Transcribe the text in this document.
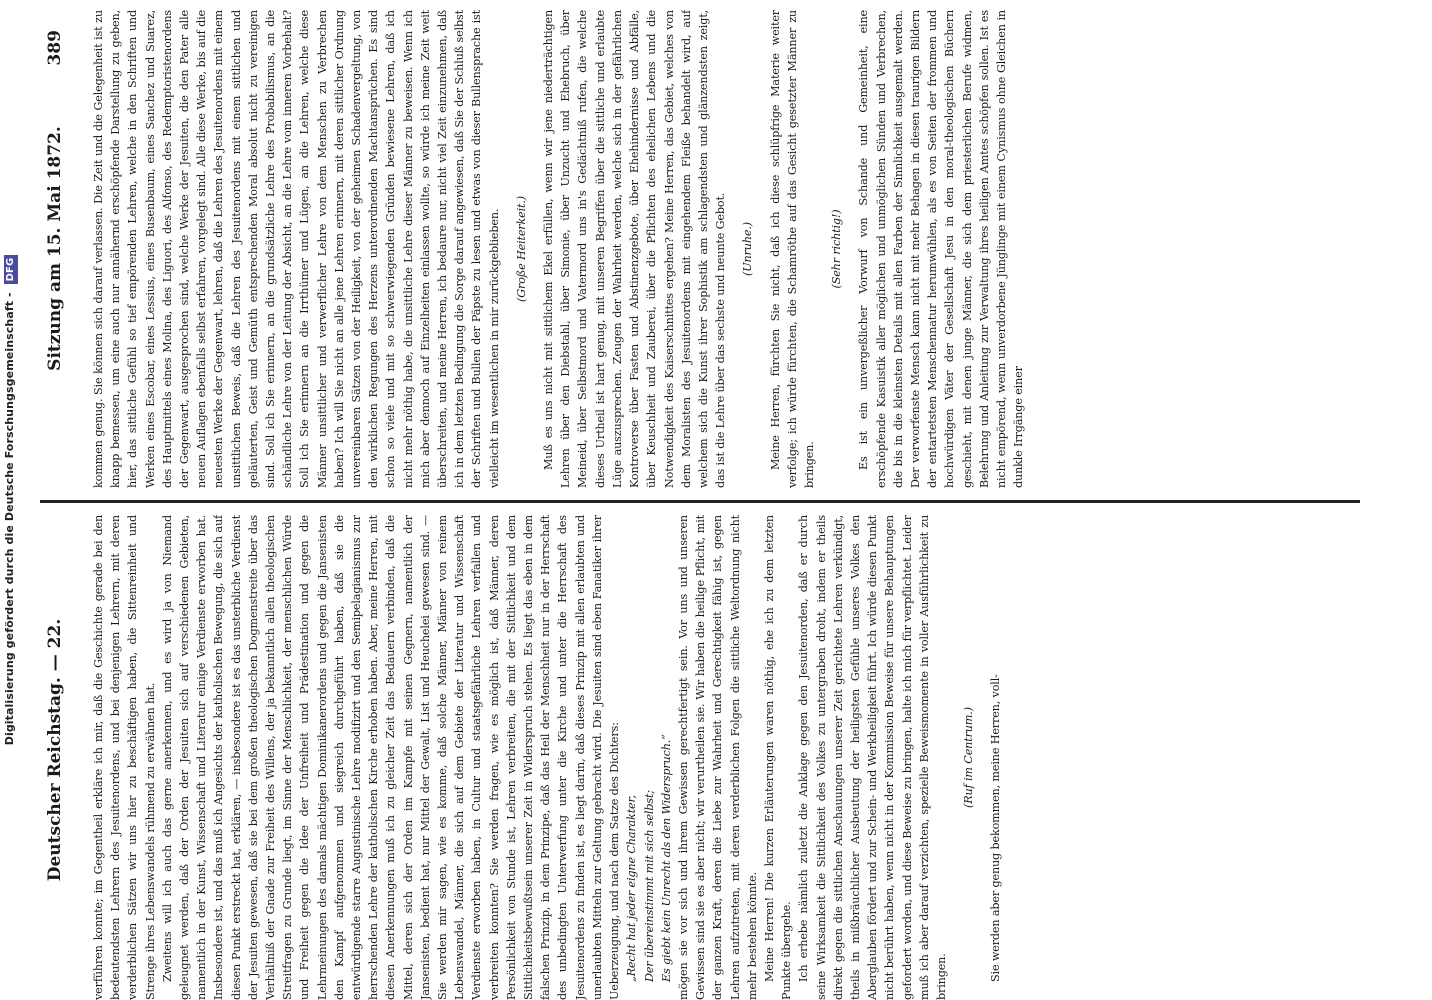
Digitalisierung gefördert durch die Deutsche Forschungsgemeinschaft - DFG
Deutscher Reichstag. — 22.
Sitzung am 15. Mai 1872.
389

verführen konnte; im Gegentheil erkläre ich mir, daß die Geschichte gerade bei den bedeutendsten Lehrern des Jesuitenordens, und bei denjenigen Lehrern, mit deren verderblichen Sätzen wir uns hier zu beschäftigen haben, die Sittenreinheit und Strenge ihres Lebenswandels rühmend zu erwähnen hat. Zweitens will ich auch das gerne anerkennen, und es wird ja von Niemand geleugnet werden, daß der Orden der Jesuiten sich auf verschiedenen Gebieten, namentlich in der Kunst, Wissenschaft und Literatur einige Verdienste erworben hat. Insbesondere ist, und das muß ich Angesichts der katholischen Bewegung, die sich auf diesen Punkt erstreckt hat, erklären, — insbesondere ist es das unsterbliche Verdienst der Jesuiten gewesen, daß sie bei dem großen theologischen Dogmenstreite über das Verhältniß der Gnade zur Freiheit des Willens, der ja bekanntlich allen theologischen Streitfragen zu Grunde liegt, im Sinne der Menschlichkeit, der menschlichen Würde und Freiheit gegen die Idee der Unfreiheit und Prädestination und gegen die Lehrmeinungen des damals mächtigen Dominikanerordens und gegen die Jansenisten den Kampf aufgenommen und siegreich durchgeführt haben, daß sie die entwürdigende starre Augustinische Lehre modifizirt und den Semipelagianismus zur herrschenden Lehre der katholischen Kirche erhoben haben. Aber, meine Herren, mit diesen Anerkennungen muß ich zu gleicher Zeit das Bedauern verbinden, daß die Mittel, deren sich der Orden im Kampfe mit seinen Gegnern, namentlich der Jansenisten, bedient hat, nur Mittel der Gewalt, List und Heuchelei gewesen sind. — Sie werden mir sagen, wie es komme, daß solche Männer, Männer von reinem Lebenswandel, Männer, die sich auf dem Gebiete der Literatur und Wissenschaft Verdienste erworben haben, in Cultur und staatsgefährliche Lehren verfallen und verbreiten konnten? Sie werden fragen, wie es möglich ist, daß Männer, deren Persönlichkeit von Stunde ist, Lehren verbreiten, die mit der Sittlichkeit und dem Sittlichkeitsbewußtsein unserer Zeit in Widerspruch stehen. Es liegt das eben in dem falschen Prinzip, in dem Prinzipe, daß das Heil der Menschheit nur in der Herrschaft des unbedingten Unterwerfung unter die Kirche und unter die Herrschaft des Jesuitenordens zu finden ist, es liegt darin, daß dieses Prinzip mit allen erlaubten und unerlaubten Mitteln zur Geltung gebracht wird. Die Jesuiten sind eben Fanatiker ihrer Ueberzeugung, und nach dem Satze des Dichters: „Recht hat jeder eigne Charakter, Der übereinstimmt mit sich selbst; Es giebt kein Unrecht als den Widerspruch.“ mögen sie vor sich und ihrem Gewissen gerechtfertigt sein. Vor uns und unseren Gewissen sind sie es aber nicht; wir verurtheilen sie. Wir haben die heilige Pflicht, mit der ganzen Kraft, deren die Liebe zur Wahrheit und Gerechtigkeit fähig ist, gegen Lehren aufzutreten, mit deren verderblichen Folgen die sittliche Weltordnung nicht mehr bestehen könnte. Meine Herren! Die kurzen Erläuterungen waren nöthig, ehe ich zu dem letzten Punkte übergehe. Ich erhebe nämlich zuletzt die Anklage gegen den Jesuitenorden, daß er durch seine Wirksamkeit die Sittlichkeit des Volkes zu untergraben droht, indem er theils direkt gegen die sittlichen Anschauungen unserer Zeit gerichtete Lehren verkündigt, theils in mißbräuchlicher Ausbeutung der heiligsten Gefühle unseres Volkes den Aberglauben fördert und zur Schein- und Werkheiligkeit führt. Ich würde diesen Punkt nicht berührt haben, wenn nicht in der Kommission Beweise für unsere Behauptungen gefordert worden, und diese Beweise zu bringen, halte ich mich für verpflichtet. Leider muß ich aber darauf verzichten, spezielle Beweismomente in voller Ausführlichkeit zu bringen.

(Ruf im Centrum.) Sie werden aber genug bekommen, meine Herren, voll-

kommen genug. Sie können sich darauf verlassen. Die Zeit und die Gelegenheit ist zu knapp bemessen, um eine auch nur annähernd erschöpfende Darstellung zu geben, hier, das sittliche Gefühl so tief empörenden Lehren, welche in den Schriften und Werken eines Escobar, eines Lessius, eines Busenbaum, eines Sanchez und Suarez, des Hauptmittels eines Molina, des Liguori, des Alfonso, des Redemptoristenordens der Gegenwart, ausgesprochen sind, welche Werke der Jesuiten, die den Pater alle neuen Auflagen ebenfalls selbst erfahren, vorgelegt sind. Alle diese Werke, bis auf die neuesten Werke der Gegenwart, lehren, daß die Lehren des Jesuitenordens mit einem unsittlichen Beweis, daß die Lehren des Jesuitenordens mit einem sittlichen und geläuterten, Geist und Gemüth entsprechenden Moral absolut nicht zu vereinigen sind. Soll ich Sie erinnern, an die grundsätzliche Lehre des Probabilismus, an die schändliche Lehre von der Leitung der Absicht, an die Lehre vom inneren Vorbehalt? Soll ich Sie erinnern an die Irrthümer und Lügen, an die Lehren, welche diese Männer unsittlicher und verwerflicher Lehre von dem Menschen zu Verbrechen haben? Ich will Sie nicht an alle jene Lehren erinnern, mit deren sittlicher Ordnung unvereinbaren Sätzen von der Heiligkeit, von der geheimen Schadenvergeltung, von den wirklichen Regungen des Herzens unterordnenden Machtansprüchen. Es sind schon so viele und mit so schwerwiegenden Gründen bewiesene Lehren, daß ich nicht mehr nöthig habe, die unsittliche Lehre dieser Männer zu beweisen. Wenn ich mich aber dennoch auf Einzelheiten einlassen wollte, so würde ich meine Zeit weit überschreiten, und meine Herren, ich bedaure nur, nicht viel Zeit einzunehmen, daß ich in dem letzten Bedingung die Sorge darauf angewiesen, daß Sie der Schluß selbst der Schriften und Bullen der Päpste zu lesen und etwas von dieser Bullensprache ist vielleicht im wesentlichen in mir zurückgeblieben. (Große Heiterkeit.) Muß es uns nicht mit sittlichem Ekel erfüllen, wenn wir jene niederträchtigen Lehren über den Diebstahl, über Simonie, über Unzucht und Ehebruch, über Meineid, über Selbstmord und Vatermord uns in's Gedächtniß rufen, die welche dieses Urtheil ist hart genug, mit unseren Begriffen über die sittliche und erlaubte Lüge auszusprechen. Zeugen der Wahrheit werden, welche sich in der gefährlichen Kontroverse über Fasten und Abstinenzgebote, über Ehehindernisse und Abfälle, über Keuschheit und Zauberei, über die Pflichten des ehelichen Lebens und die Notwendigkeit des Kaiserschnittes ergehen? Meine Herren, das Gebiet, welches von dem Moralisten des Jesuitenordens mit eingehendem Fleiße behandelt wird, auf welchem sich die Kunst ihrer Sophistik am schlagendsten und glänzendsten zeigt, das ist die Lehre über das sechste und neunte Gebot. (Unruhe.) Meine Herren, fürchten Sie nicht, daß ich diese schlüpfrige Materie weiter verfolge; ich würde fürchten, die Schamröthe auf das Gesicht gesetzter Männer zu bringen.

(Sehr richtig!) Es ist ein unvergeßlicher Vorwurf von Schande und Gemeinheit, eine erschöpfende Kasuistik aller möglichen und unmöglichen Sünden und Verbrechen, die bis in die kleinsten Details mit allen Farben der Sinnlichkeit ausgemalt werden. Der verworfenste Mensch kann nicht mit mehr Behagen in diesen traurigen Bildern der entartetsten Menschennatur herumwühlen, als es von Seiten der frommen und hochwürdigen Väter der Gesellschaft Jesu in den moral-theologischen Büchern geschieht, mit denen junge Männer, die sich dem priesterlichen Berufe widmen, Belehrung und Anleitung zur Verwaltung ihres heiligen Amtes schöpfen sollen. Ist es nicht empörend, wenn unverdorbene Jünglinge mit einem Cynismus ohne Gleichen in dunkle Irrgänge einer
